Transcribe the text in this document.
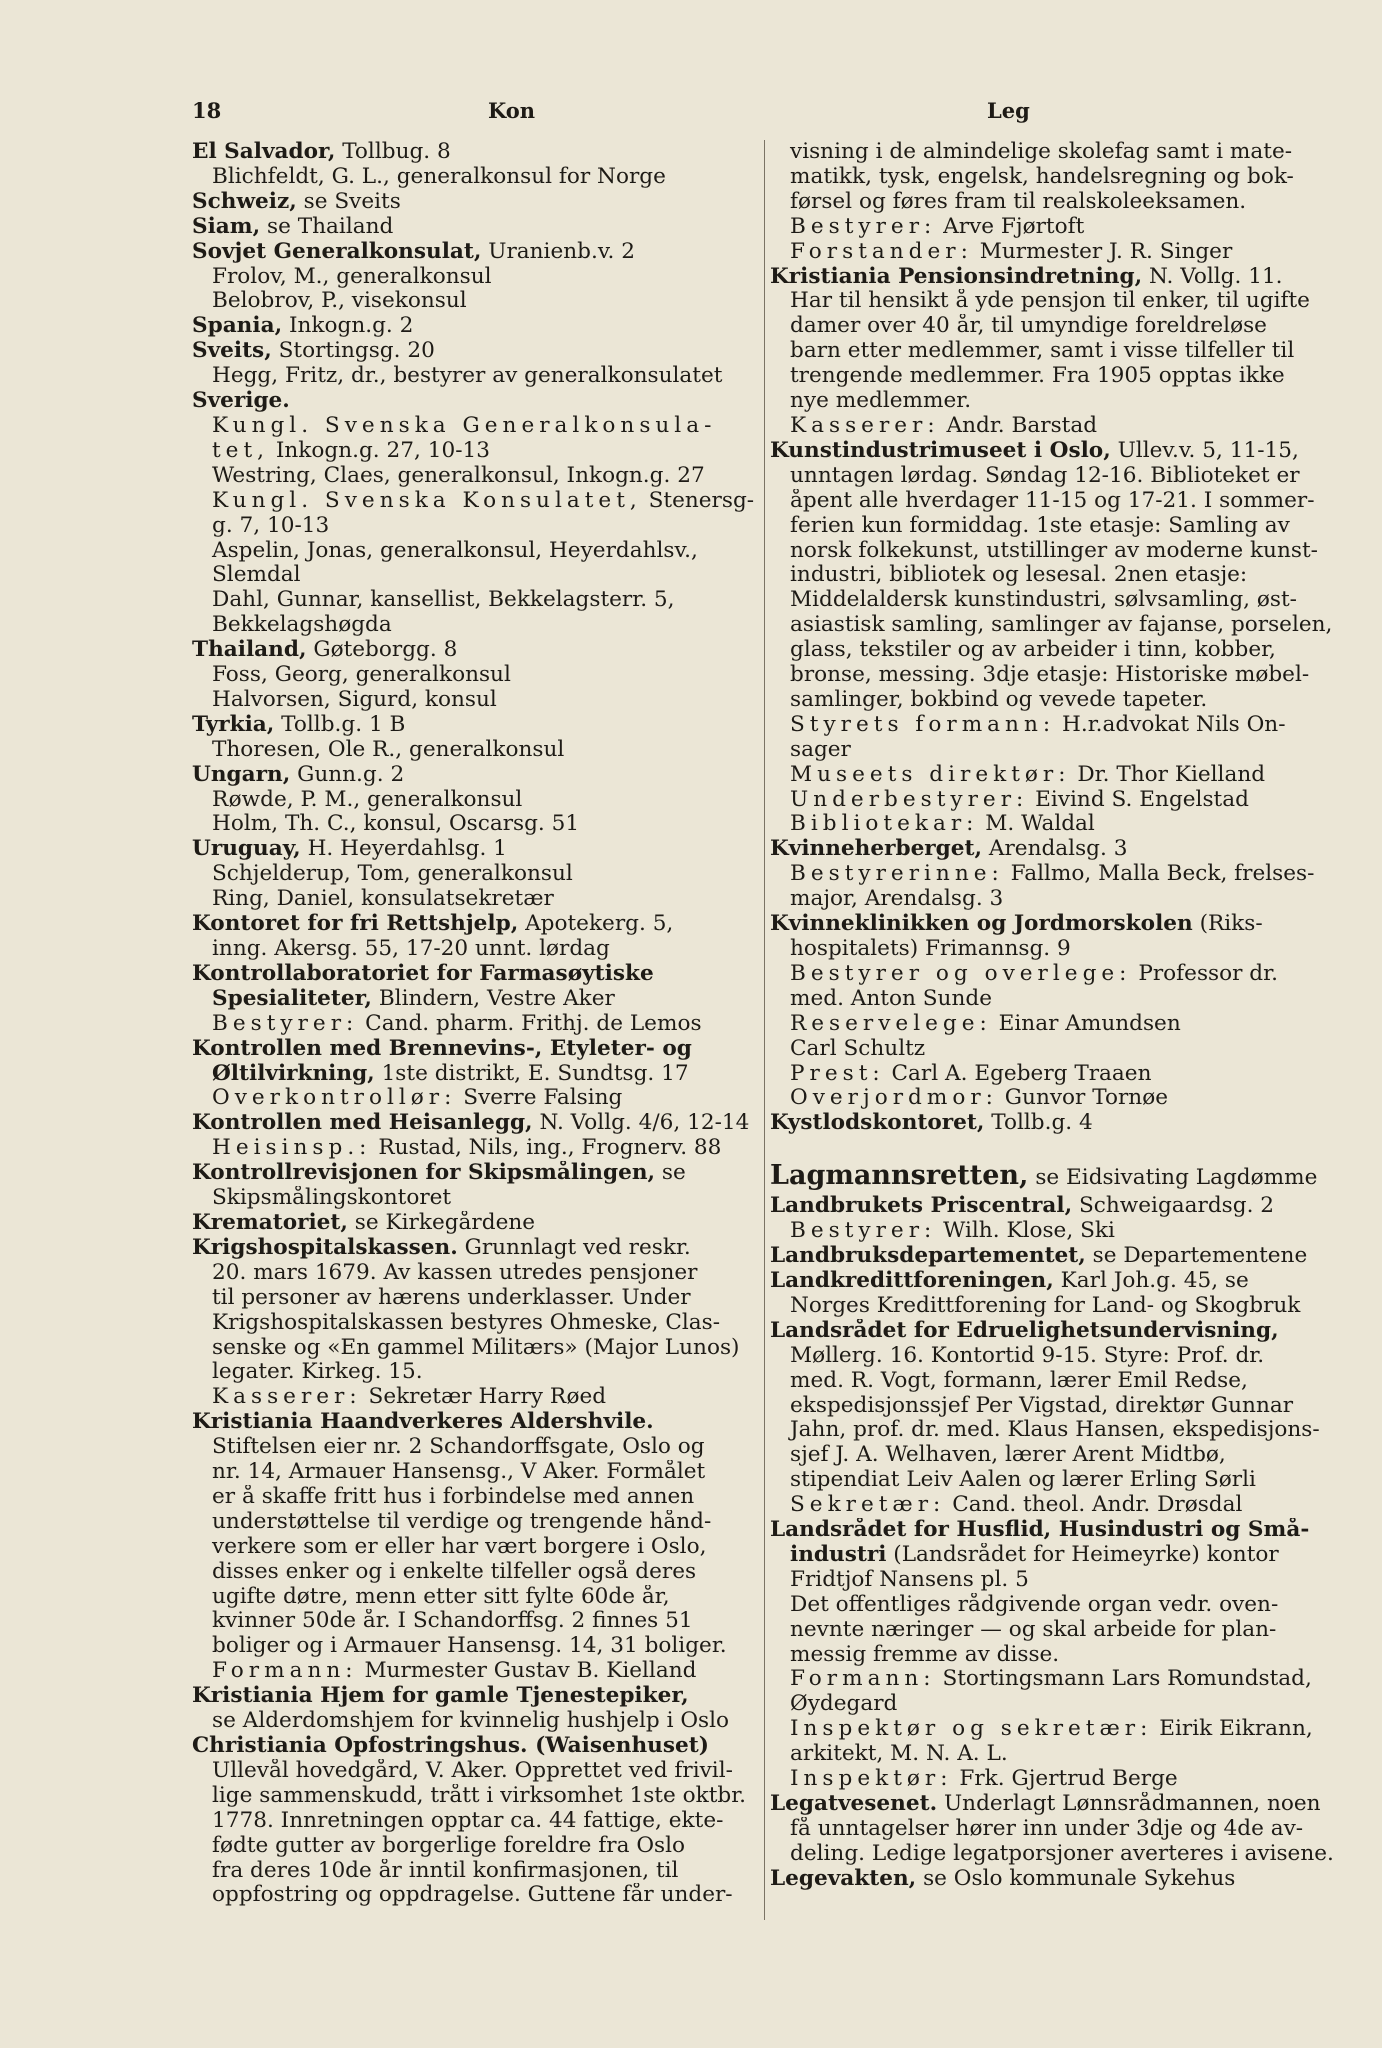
18	Kon	Leg
El Salvador, Tollbug. 8
Blichfeldt, G. L., generalkonsul for Norge
Schweiz, se Sveits
Siam, se Thailand
Sovjet Generalkonsulat, Uranienb.v. 2
Frolov, M., generalkonsul
Belobrov, P., visekonsul
Spania, Inkogn.g. 2
Sveits, Stortingsg. 20
Hegg, Fritz, dr., bestyrer av generalkonsulatet
Sverige.
Kungl. Svenska Generalkonsula-
tet, Inkogn.g. 27, 10-13
Westring, Claes, generalkonsul, Inkogn.g. 27
Kungl. Svenska Konsulatet, Stenersg-
g. 7, 10-13
Aspelin, Jonas, generalkonsul, Heyerdahlsv.,
Slemdal
Dahl, Gunnar, kansellist, Bekkelagsterr. 5,
Bekkelagshøgda
Thailand, Gøteborgg. 8
Foss, Georg, generalkonsul
Halvorsen, Sigurd, konsul
Tyrkia, Tollb.g. 1 B
Thoresen, Ole R., generalkonsul
Ungarn, Gunn.g. 2
Røwde, P. M., generalkonsul
Holm, Th. C., konsul, Oscarsg. 51
Uruguay, H. Heyerdahlsg. 1
Schjelderup, Tom, generalkonsul
Ring, Daniel, konsulatsekretær
Kontoret for fri Rettshjelp, Apotekerg. 5,
inng. Akersg. 55, 17-20 unnt. lørdag
Kontrollaboratoriet for Farmasøytiske
Spesialiteter, Blindern, Vestre Aker
Bestyrer: Cand. pharm. Frithj. de Lemos
Kontrollen med Brennevins-, Etyleter- og
Øltilvirkning, 1ste distrikt, E. Sundtsg. 17
Overkontrollør: Sverre Falsing
Kontrollen med Heisanlegg, N. Vollg. 4/6, 12-14
Heisinsp.: Rustad, Nils, ing., Frognerv. 88
Kontrollrevisjonen for Skipsmålingen, se
Skipsmålingskontoret
Krematoriet, se Kirkegårdene
Krigshospitalskassen. Grunnlagt ved reskr.
20. mars 1679. Av kassen utredes pensjoner
til personer av hærens underklasser. Under
Krigshospitalskassen bestyres Ohmeske, Clas-
senske og «En gammel Militærs» (Major Lunos)
legater. Kirkeg. 15.
Kasserer: Sekretær Harry Røed
Kristiania Haandverkeres Aldershvile.
Stiftelsen eier nr. 2 Schandorffsgate, Oslo og
nr. 14, Armauer Hansensg., V Aker. Formålet
er å skaffe fritt hus i forbindelse med annen
understøttelse til verdige og trengende hånd-
verkere som er eller har vært borgere i Oslo,
disses enker og i enkelte tilfeller også deres
ugifte døtre, menn etter sitt fylte 60de år,
kvinner 50de år. I Schandorffsg. 2 finnes 51
boliger og i Armauer Hansensg. 14, 31 boliger.
Formann: Murmester Gustav B. Kielland
Kristiania Hjem for gamle Tjenestepiker,
se Alderdomshjem for kvinnelig hushjelp i Oslo
Christiania Opfostringshus. (Waisenhuset)
Ullevål hovedgård, V. Aker. Opprettet ved frivil-
lige sammenskudd, trått i virksomhet 1ste oktbr.
1778. Innretningen opptar ca. 44 fattige, ekte-
fødte gutter av borgerlige foreldre fra Oslo
fra deres 10de år inntil konfirmasjonen, til
oppfostring og oppdragelse. Guttene får under-
visning i de almindelige skolefag samt i mate-
matikk, tysk, engelsk, handelsregning og bok-
førsel og føres fram til realskoleeksamen.
Bestyrer: Arve Fjørtoft
Forstander: Murmester J. R. Singer
Kristiania Pensionsindretning, N. Vollg. 11.
Har til hensikt å yde pensjon til enker, til ugifte
damer over 40 år, til umyndige foreldreløse
barn etter medlemmer, samt i visse tilfeller til
trengende medlemmer. Fra 1905 opptas ikke
nye medlemmer.
Kasserer: Andr. Barstad
Kunstindustrimuseet i Oslo, Ullev.v. 5, 11-15,
unntagen lørdag. Søndag 12-16. Biblioteket er
åpent alle hverdager 11-15 og 17-21. I sommer-
ferien kun formiddag. 1ste etasje: Samling av
norsk folkekunst, utstillinger av moderne kunst-
industri, bibliotek og lesesal. 2nen etasje:
Middelaldersk kunstindustri, sølvsamling, øst-
asiastisk samling, samlinger av fajanse, porselen,
glass, tekstiler og av arbeider i tinn, kobber,
bronse, messing. 3dje etasje: Historiske møbel-
samlinger, bokbind og vevede tapeter.
Styrets formann: H.r.advokat Nils On-
sager
Museets direktør: Dr. Thor Kielland
Underbestyrer: Eivind S. Engelstad
Bibliotekar: M. Waldal
Kvinneherberget, Arendalsg. 3
Bestyrerinne: Fallmo, Malla Beck, frelses-
major, Arendalsg. 3
Kvinneklinikken og Jordmorskolen (Riks-
hospitalets) Frimannsg. 9
Bestyrer og overlege: Professor dr.
med. Anton Sunde
Reservelege: Einar Amundsen
Carl Schultz
Prest: Carl A. Egeberg Traaen
Overjordmor: Gunvor Tornøe
Kystlodskontoret, Tollb.g. 4
Lagmannsretten, se Eidsivating Lagdømme
Landbrukets Priscentral, Schweigaardsg. 2
Bestyrer: Wilh. Klose, Ski
Landbruksdepartementet, se Departementene
Landkredittforeningen, Karl Joh.g. 45, se
Norges Kredittforening for Land- og Skogbruk
Landsrådet for Edruelighetsundervisning,
Møllerg. 16. Kontortid 9-15. Styre: Prof. dr.
med. R. Vogt, formann, lærer Emil Redse,
ekspedisjonssjef Per Vigstad, direktør Gunnar
Jahn, prof. dr. med. Klaus Hansen, ekspedisjons-
sjef J. A. Welhaven, lærer Arent Midtbø,
stipendiat Leiv Aalen og lærer Erling Sørli
Sekretær: Cand. theol. Andr. Drøsdal
Landsrådet for Husflid, Husindustri og Små-
industri (Landsrådet for Heimeyrke) kontor
Fridtjof Nansens pl. 5
Det offentliges rådgivende organ vedr. oven-
nevnte næringer — og skal arbeide for plan-
messig fremme av disse.
Formann: Stortingsmann Lars Romundstad,
Øydegard
Inspektør og sekretær: Eirik Eikrann,
arkitekt, M. N. A. L.
Inspektør: Frk. Gjertrud Berge
Legatvesenet. Underlagt Lønnsrådmannen, noen
få unntagelser hører inn under 3dje og 4de av-
deling. Ledige legatporsjoner averteres i avisene.
Legevakten, se Oslo kommunale Sykehus
